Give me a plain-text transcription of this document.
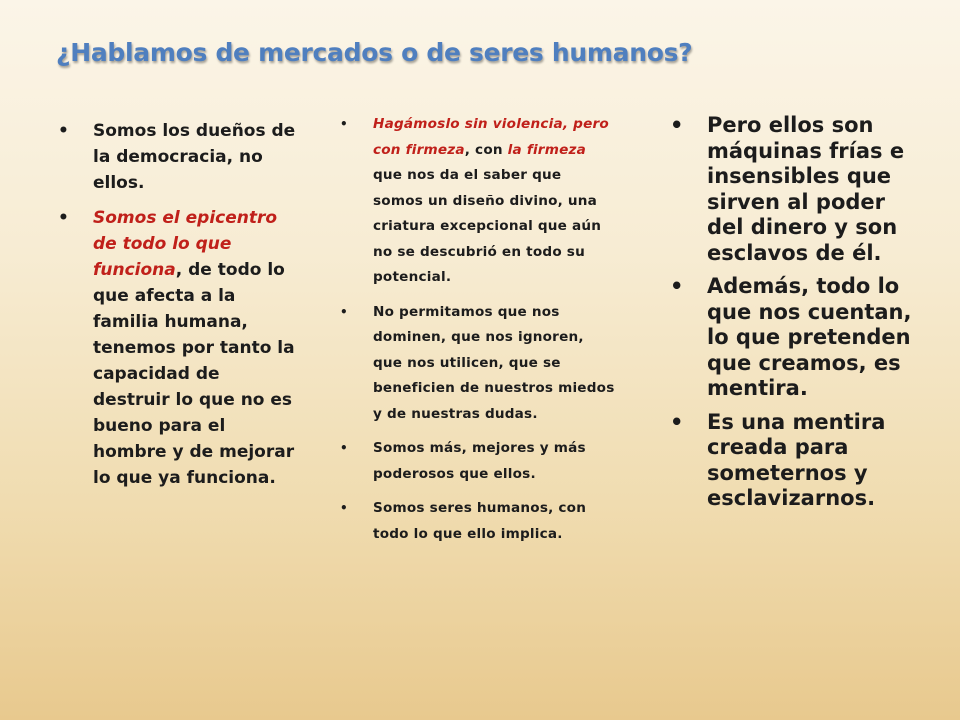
¿Hablamos de mercados o de seres humanos?
• Somos los dueños de la democracia, no ellos.
• Somos el epicentro de todo lo que funciona, de todo lo que afecta a la familia humana, tenemos por tanto la capacidad de destruir lo que no es bueno para el hombre y de mejorar lo que ya funciona.
• Hagámoslo sin violencia, pero con firmeza, con la firmeza que nos da el saber que somos un diseño divino, una criatura excepcional que aún no se descubrió en todo su potencial.
• No permitamos que nos dominen, que nos ignoren, que nos utilicen, que se beneficien de nuestros miedos y de nuestras dudas.
• Somos más, mejores y más poderosos que ellos.
• Somos seres humanos, con todo lo que ello implica.
• Pero ellos son máquinas frías e insensibles que sirven al poder del dinero y son esclavos de él.
• Además, todo lo que nos cuentan, lo que pretenden que creamos, es mentira.
• Es una mentira creada para someternos y esclavizarnos.
